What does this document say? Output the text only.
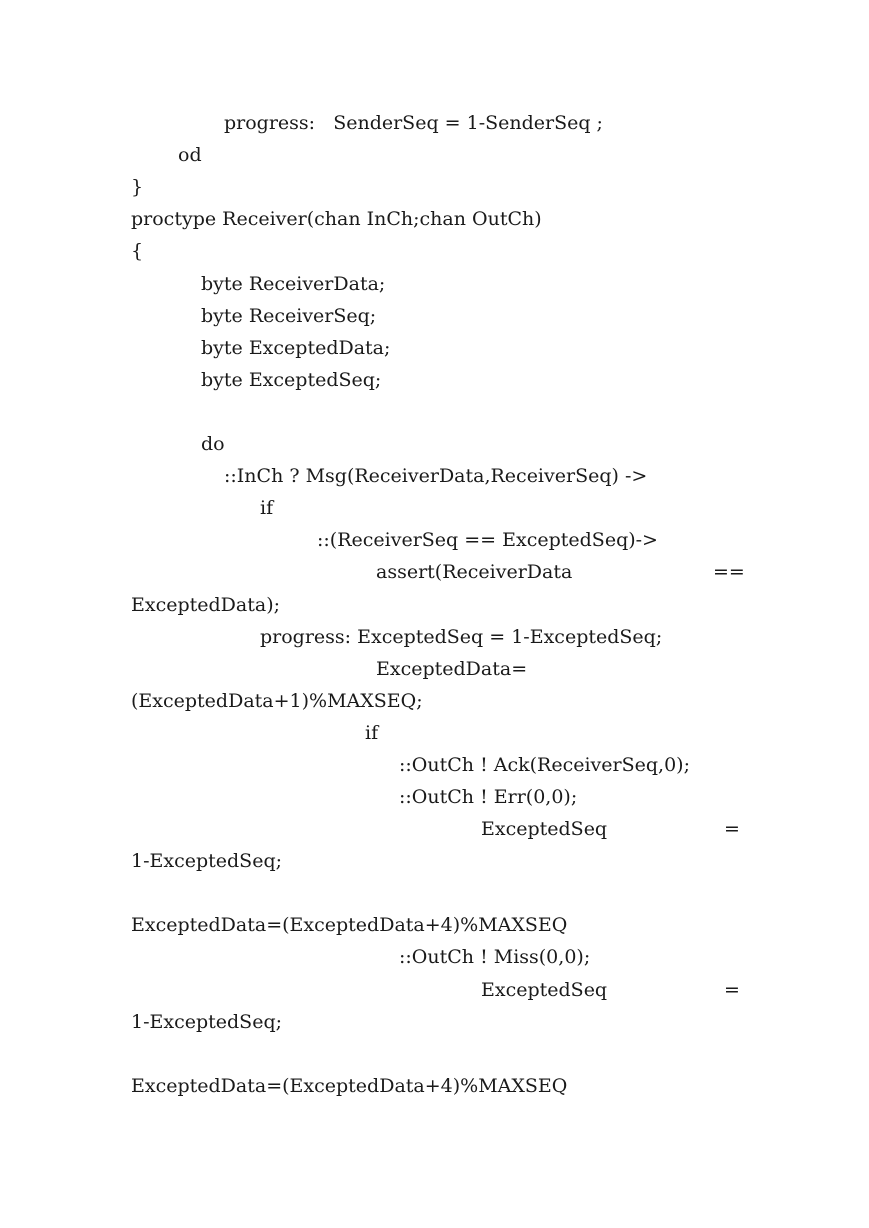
progress:   SenderSeq = 1-SenderSeq ;
od
}
proctype Receiver(chan InCh;chan OutCh)
{
byte ReceiverData;
byte ReceiverSeq;
byte ExceptedData;
byte ExceptedSeq;
do
::InCh ? Msg(ReceiverData,ReceiverSeq) ->
if
::(ReceiverSeq == ExceptedSeq)->
assert(ReceiverData	==
ExceptedData);
progress: ExceptedSeq = 1-ExceptedSeq;
ExceptedData=
(ExceptedData+1)%MAXSEQ;
if
::OutCh ! Ack(ReceiverSeq,0);
::OutCh ! Err(0,0);
ExceptedSeq	=
1-ExceptedSeq;
ExceptedData=(ExceptedData+4)%MAXSEQ
::OutCh ! Miss(0,0);
ExceptedSeq	=
1-ExceptedSeq;
ExceptedData=(ExceptedData+4)%MAXSEQ
